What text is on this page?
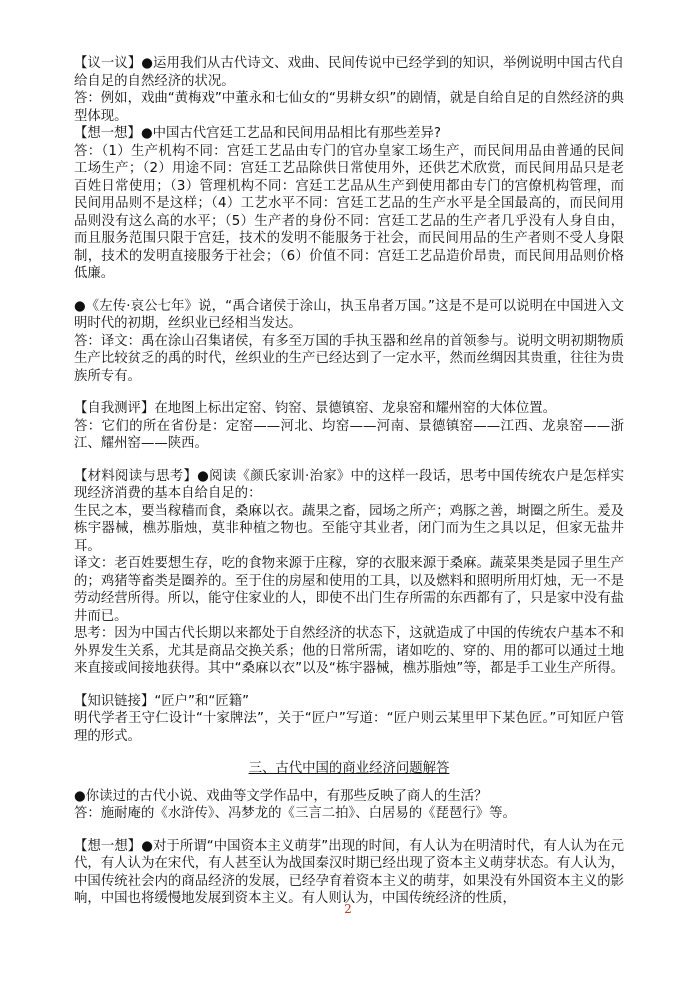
【议一议】●运用我们从古代诗文、戏曲、民间传说中已经学到的知识，举例说明中国古代自给自足的自然经济的状况。

答：例如，戏曲“黄梅戏”中董永和七仙女的“男耕女织”的剧情，就是自给自足的自然经济的典型体现。

【想一想】●中国古代宫廷工艺品和民间用品相比有那些差异?

答：（1）生产机构不同：宫廷工艺品由专门的官办皇家工场生产，而民间用品由普通的民间工场生产；（2）用途不同：宫廷工艺品除供日常使用外，还供艺术欣赏，而民间用品只是老百姓日常使用；（3）管理机构不同：宫廷工艺品从生产到使用都由专门的宫僚机构管理，而民间用品则不是这样；（4）工艺水平不同：宫廷工艺品的生产水平是全国最高的，而民间用品则没有这么高的水平；（5）生产者的身份不同：宫廷工艺品的生产者几乎没有人身自由，而且服务范围只限于宫廷，技术的发明不能服务于社会，而民间用品的生产者则不受人身限制，技术的发明直接服务于社会；（6）价值不同：宫廷工艺品造价昂贵，而民间用品则价格低廉。

●《左传·哀公七年》说，“禹合诸侯于涂山，执玉帛者万国。”这是不是可以说明在中国进入文明时代的初期，丝织业已经相当发达。

答：译文：禹在涂山召集诸侯，有多至万国的手执玉器和丝帛的首领参与。说明文明初期物质生产比较贫乏的禹的时代，丝织业的生产已经达到了一定水平，然而丝绸因其贵重，往往为贵族所专有。

【自我测评】在地图上标出定窑、钧窑、景德镇窑、龙泉窑和耀州窑的大体位置。

答：它们的所在省份是：定窑——河北、均窑——河南、景德镇窑——江西、龙泉窑——浙江、耀州窑——陕西。

【材料阅读与思考】●阅读《颜氏家训·治家》中的这样一段话，思考中国传统农户是怎样实现经济消费的基本自给自足的：

生民之本，要当稼穑而食，桑麻以衣。蔬果之畜，园场之所产；鸡豚之善，埘圈之所生。爰及栋宇器械，樵苏脂烛，莫非种植之物也。至能守其业者，闭门而为生之具以足，但家无盐井耳。

译文：老百姓要想生存，吃的食物来源于庄稼，穿的衣服来源于桑麻。蔬菜果类是园子里生产的；鸡猪等畜类是圈养的。至于住的房屋和使用的工具，以及燃料和照明所用灯烛，无一不是劳动经营所得。所以，能守住家业的人，即使不出门生存所需的东西都有了，只是家中没有盐井而已。

思考：因为中国古代长期以来都处于自然经济的状态下，这就造成了中国的传统农户基本不和外界发生关系，尤其是商品交换关系；他的日常所需，诸如吃的、穿的、用的都可以通过土地来直接或间接地获得。其中“桑麻以衣”以及“栋宇器械，樵苏脂烛”等，都是手工业生产所得。

【知识链接】“匠户”和“匠籍”

明代学者王守仁设计“十家牌法”，关于“匠户”写道：“匠户则云某里甲下某色匠。”可知匠户管理的形式。

三、古代中国的商业经济问题解答

●你读过的古代小说、戏曲等文学作品中，有那些反映了商人的生活？

答：施耐庵的《水浒传》、冯梦龙的《三言二拍》、白居易的《琵琶行》等。

【想一想】●对于所谓“中国资本主义萌芽”出现的时间，有人认为在明清时代，有人认为在元代，有人认为在宋代，有人甚至认为战国秦汉时期已经出现了资本主义萌芽状态。有人认为，中国传统社会内的商品经济的发展，已经孕育着资本主义的萌芽，如果没有外国资本主义的影响，中国也将缓慢地发展到资本主义。有人则认为，中国传统经济的性质，

2
